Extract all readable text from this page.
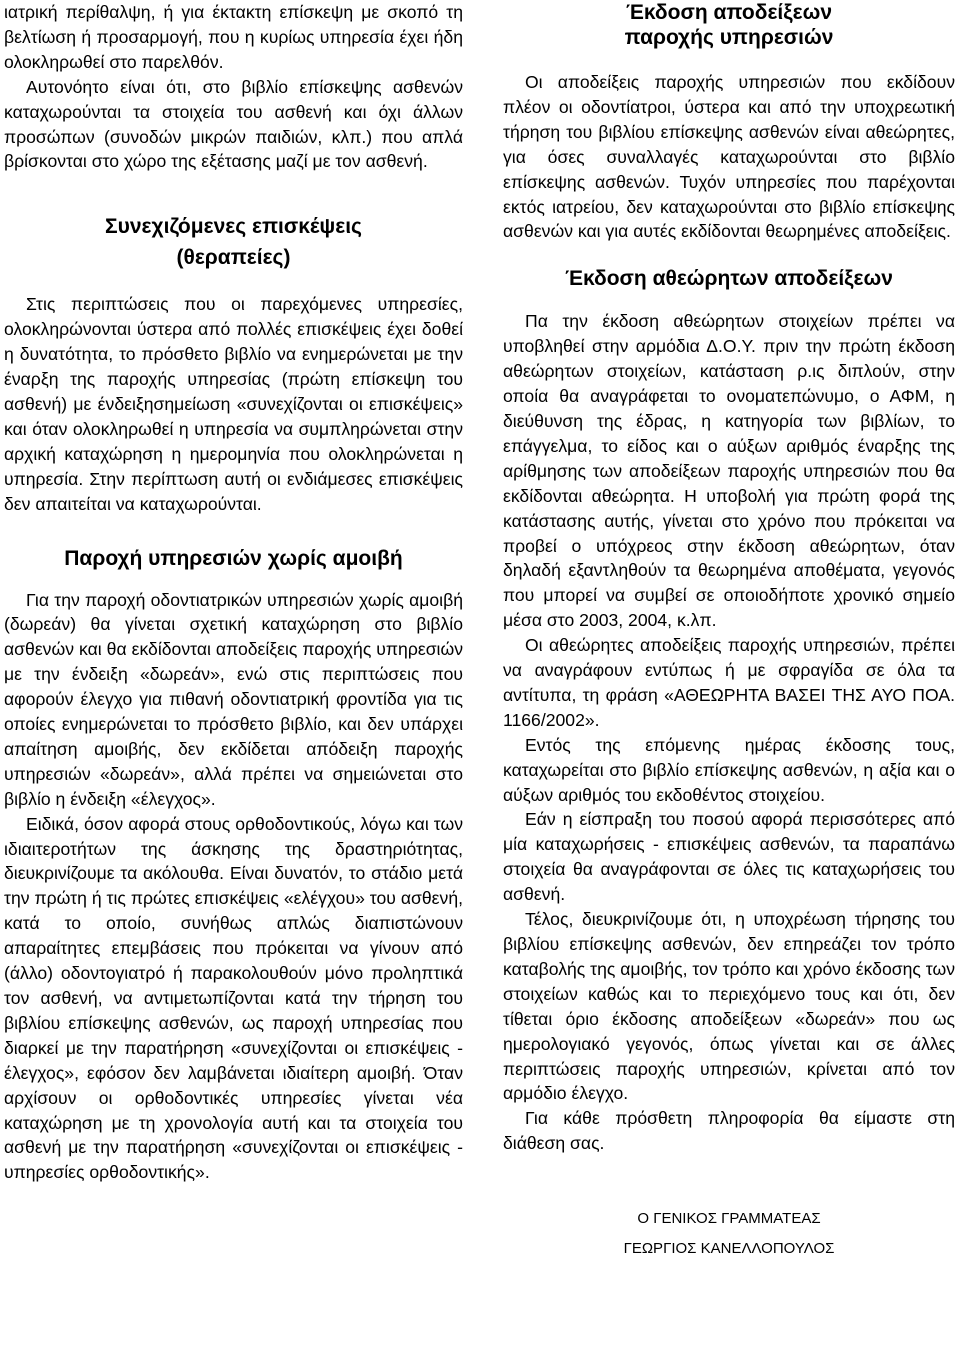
ιατρική περίθαλψη, ή για έκτακτη επίσκεψη με σκοπό τη βελτίωση ή προσαρμογή, που η κυρίως υπηρεσία έχει ήδη ολοκληρωθεί στο παρελθόν.

Αυτονόητο είναι ότι, στο βιβλίο επίσκεψης ασθενών καταχωρούνται τα στοιχεία του ασθενή και όχι άλλων προσώπων (συνοδών μικρών παιδιών, κλπ.) που απλά βρίσκονται στο χώρο της εξέτασης μαζί με τον ασθενή.

Συνεχιζόμενες επισκέψεις
(θεραπείες)

Στις περιπτώσεις που οι παρεχόμενες υπηρεσίες, ολοκληρώνονται ύστερα από πολλές επισκέψεις έχει δοθεί η δυνατότητα, το πρόσθετο βιβλίο να ενημερώνεται με την έναρξη της παροχής υπηρεσίας (πρώτη επίσκεψη του ασθενή) με ένδειξησημείωση «συνεχίζονται οι επισκέψεις» και όταν ολοκληρωθεί η υπηρεσία να συμπληρώνεται στην αρχική καταχώρηση η ημερομηνία που ολοκληρώνεται η υπηρεσία. Στην περίπτωση αυτή οι ενδιάμεσες επισκέψεις δεν απαιτείται να καταχωρούνται.

Παροχή υπηρεσιών χωρίς αμοιβή

Για την παροχή οδοντιατρικών υπηρεσιών χωρίς αμοιβή (δωρεάν) θα γίνεται σχετική καταχώρηση στο βιβλίο ασθενών και θα εκδίδονται αποδείξεις παροχής υπηρεσιών με την ένδειξη «δωρεάν», ενώ στις περιπτώσεις που αφορούν έλεγχο για πιθανή οδοντιατρική φροντίδα για τις οποίες ενημερώνεται το πρόσθετο βιβλίο, και δεν υπάρχει απαίτηση αμοιβής, δεν εκδίδεται απόδειξη παροχής υπηρεσιών «δωρεάν», αλλά πρέπει να σημειώνεται στο βιβλίο η ένδειξη «έλεγχος».

Ειδικά, όσον αφορά στους ορθοδοντικούς, λόγω και των ιδιαιτεροτήτων της άσκησης της δραστηριότητας, διευκρινίζουμε τα ακόλουθα. Είναι δυνατόν, το στάδιο μετά την πρώτη ή τις πρώτες επισκέψεις «ελέγχου» του ασθενή, κατά το οποίο, συνήθως απλώς διαπιστώνουν απαραίτητες επεμβάσεις που πρόκειται να γίνουν από (άλλο) οδοντογιατρό ή παρακολουθούν μόνο προληπτικά τον ασθενή, να αντιμετωπίζονται κατά την τήρηση του βιβλίου επίσκεψης ασθενών, ως παροχή υπηρεσίας που διαρκεί με την παρατήρηση «συνεχίζονται οι επισκέψεις - έλεγχος», εφόσον δεν λαμβάνεται ιδιαίτερη αμοιβή. Όταν αρχίσουν οι ορθοδοντικές υπηρεσίες γίνεται νέα καταχώρηση με τη χρονολογία αυτή και τα στοιχεία του ασθενή με την παρατήρηση «συνεχίζονται οι επισκέψεις - υπηρεσίες ορθοδοντικής».

Έκδοση αποδείξεων
παροχής υπηρεσιών

Οι αποδείξεις παροχής υπηρεσιών που εκδίδουν πλέον οι οδοντίατροι, ύστερα και από την υποχρεωτική τήρηση του βιβλίου επίσκεψης ασθενών είναι αθεώρητες, για όσες συναλλαγές καταχωρούνται στο βιβλίο επίσκεψης ασθενών. Τυχόν υπηρεσίες που παρέχονται εκτός ιατρείου, δεν καταχωρούνται στο βιβλίο επίσκεψης ασθενών και για αυτές εκδίδονται θεωρημένες αποδείξεις.

Έκδοση αθεώρητων αποδείξεων

Πα την έκδοση αθεώρητων στοιχείων πρέπει να υποβληθεί στην αρμόδια Δ.Ο.Υ. πριν την πρώτη έκδοση αθεώρητων στοιχείων, κατάσταση ρ.ις διπλούν, στην οποία θα αναγράφεται το ονοματεπώνυμο, ο ΑΦΜ, η διεύθυνση της έδρας, η κατηγορία των βιβλίων, το επάγγελμα, το είδος και ο αύξων αριθμός έναρξης της αρίθμησης των αποδείξεων παροχής υπηρεσιών που θα εκδίδονται αθεώρητα. Η υποβολή για πρώτη φορά της κατάστασης αυτής, γίνεται στο χρόνο που πρόκειται να προβεί ο υπόχρεος στην έκδοση αθεώρητων, όταν δηλαδή εξαντληθούν τα θεωρημένα αποθέματα, γεγονός που μπορεί να συμβεί σε οποιοδήποτε χρονικό σημείο μέσα στο 2003, 2004, κ.λπ.

Οι αθεώρητες αποδείξεις παροχής υπηρεσιών, πρέπει να αναγράφουν εντύπως ή με σφραγίδα σε όλα τα αντίτυπα, τη φράση «ΑΘΕΩΡΗΤΑ ΒΑΣΕΙ ΤΗΣ ΑΥΟ ΠΟΑ. 1166/2002».

Εντός της επόμενης ημέρας έκδοσης τους, καταχωρείται στο βιβλίο επίσκεψης ασθενών, η αξία και ο αύξων αριθμός του εκδοθέντος στοιχείου.

Εάν η είσπραξη του ποσού αφορά περισσότερες από μία καταχωρήσεις - επισκέψεις ασθενών, τα παραπάνω στοιχεία θα αναγράφονται σε όλες τις καταχωρήσεις του ασθενή.

Τέλος, διευκρινίζουμε ότι, η υποχρέωση τήρησης του βιβλίου επίσκεψης ασθενών, δεν επηρεάζει τον τρόπο καταβολής της αμοιβής, τον τρόπο και χρόνο έκδοσης των στοιχείων καθώς και το περιεχόμενο τους και ότι, δεν τίθεται όριο έκδοσης αποδείξεων «δωρεάν» που ως ημερολογιακό γεγονός, όπως γίνεται και σε άλλες περιπτώσεις παροχής υπηρεσιών, κρίνεται από τον αρμόδιο έλεγχο.

Για κάθε πρόσθετη πληροφορία θα είμαστε στη διάθεση σας.

Ο ΓΕΝΙΚΟΣ ΓΡΑΜΜΑΤΕΑΣ

ΓΕΩΡΓΙΟΣ ΚΑΝΕΛΛΟΠΟΥΛΟΣ
